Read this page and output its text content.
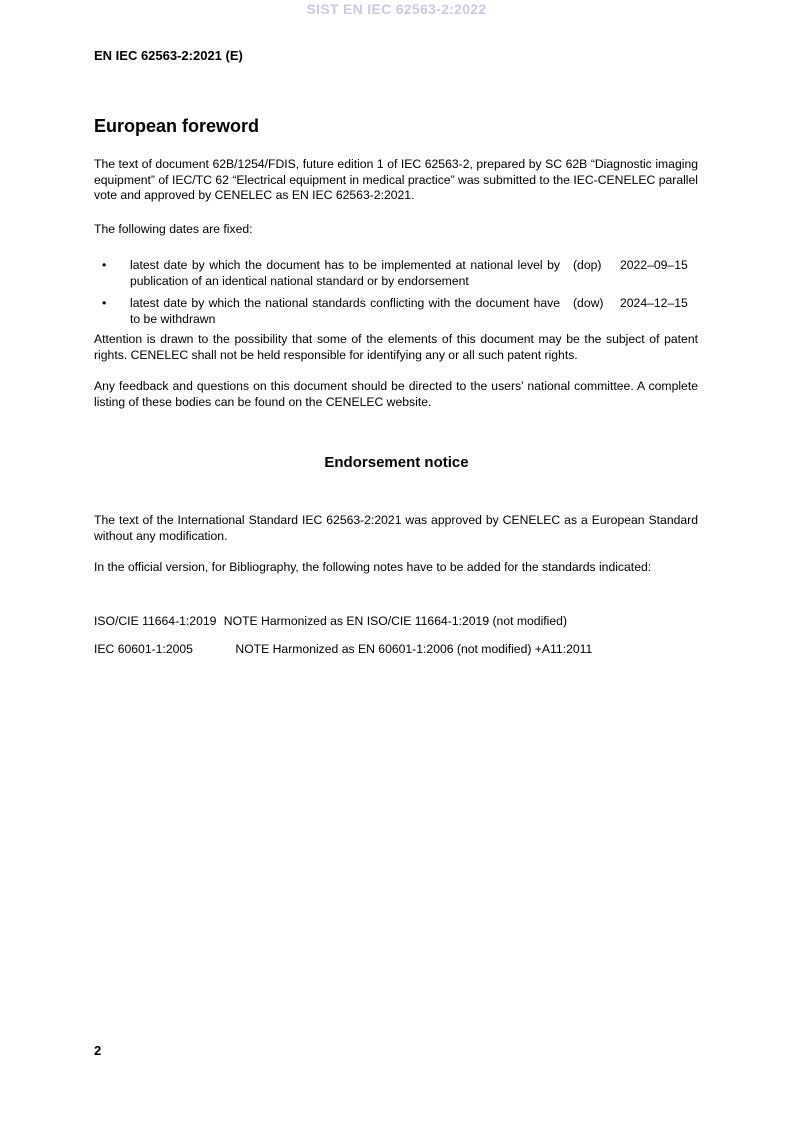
SIST EN IEC 62563-2:2022
EN IEC 62563-2:2021 (E)
European foreword

The text of document 62B/1254/FDIS, future edition 1 of IEC 62563-2, prepared by SC 62B “Diagnostic imaging equipment” of IEC/TC 62 “Electrical equipment in medical practice” was submitted to the IEC-CENELEC parallel vote and approved by CENELEC as EN IEC 62563-2:2021.

The following dates are fixed:

• latest date by which the document has to be implemented at national level by publication of an identical national standard or by endorsement
(dop) 2022–09–15
• latest date by which the national standards conflicting with the document have to be withdrawn
(dow) 2024–12–15

Attention is drawn to the possibility that some of the elements of this document may be the subject of patent rights. CENELEC shall not be held responsible for identifying any or all such patent rights.

Any feedback and questions on this document should be directed to the users’ national committee. A complete listing of these bodies can be found on the CENELEC website.

Endorsement notice

The text of the International Standard IEC 62563-2:2021 was approved by CENELEC as a European Standard without any modification.

In the official version, for Bibliography, the following notes have to be added for the standards indicated:

ISO/CIE 11664-1:2019 NOTE Harmonized as EN ISO/CIE 11664-1:2019 (not modified)
IEC 60601-1:2005	NOTE Harmonized as EN 60601-1:2006 (not modified) +A11:2011
2
